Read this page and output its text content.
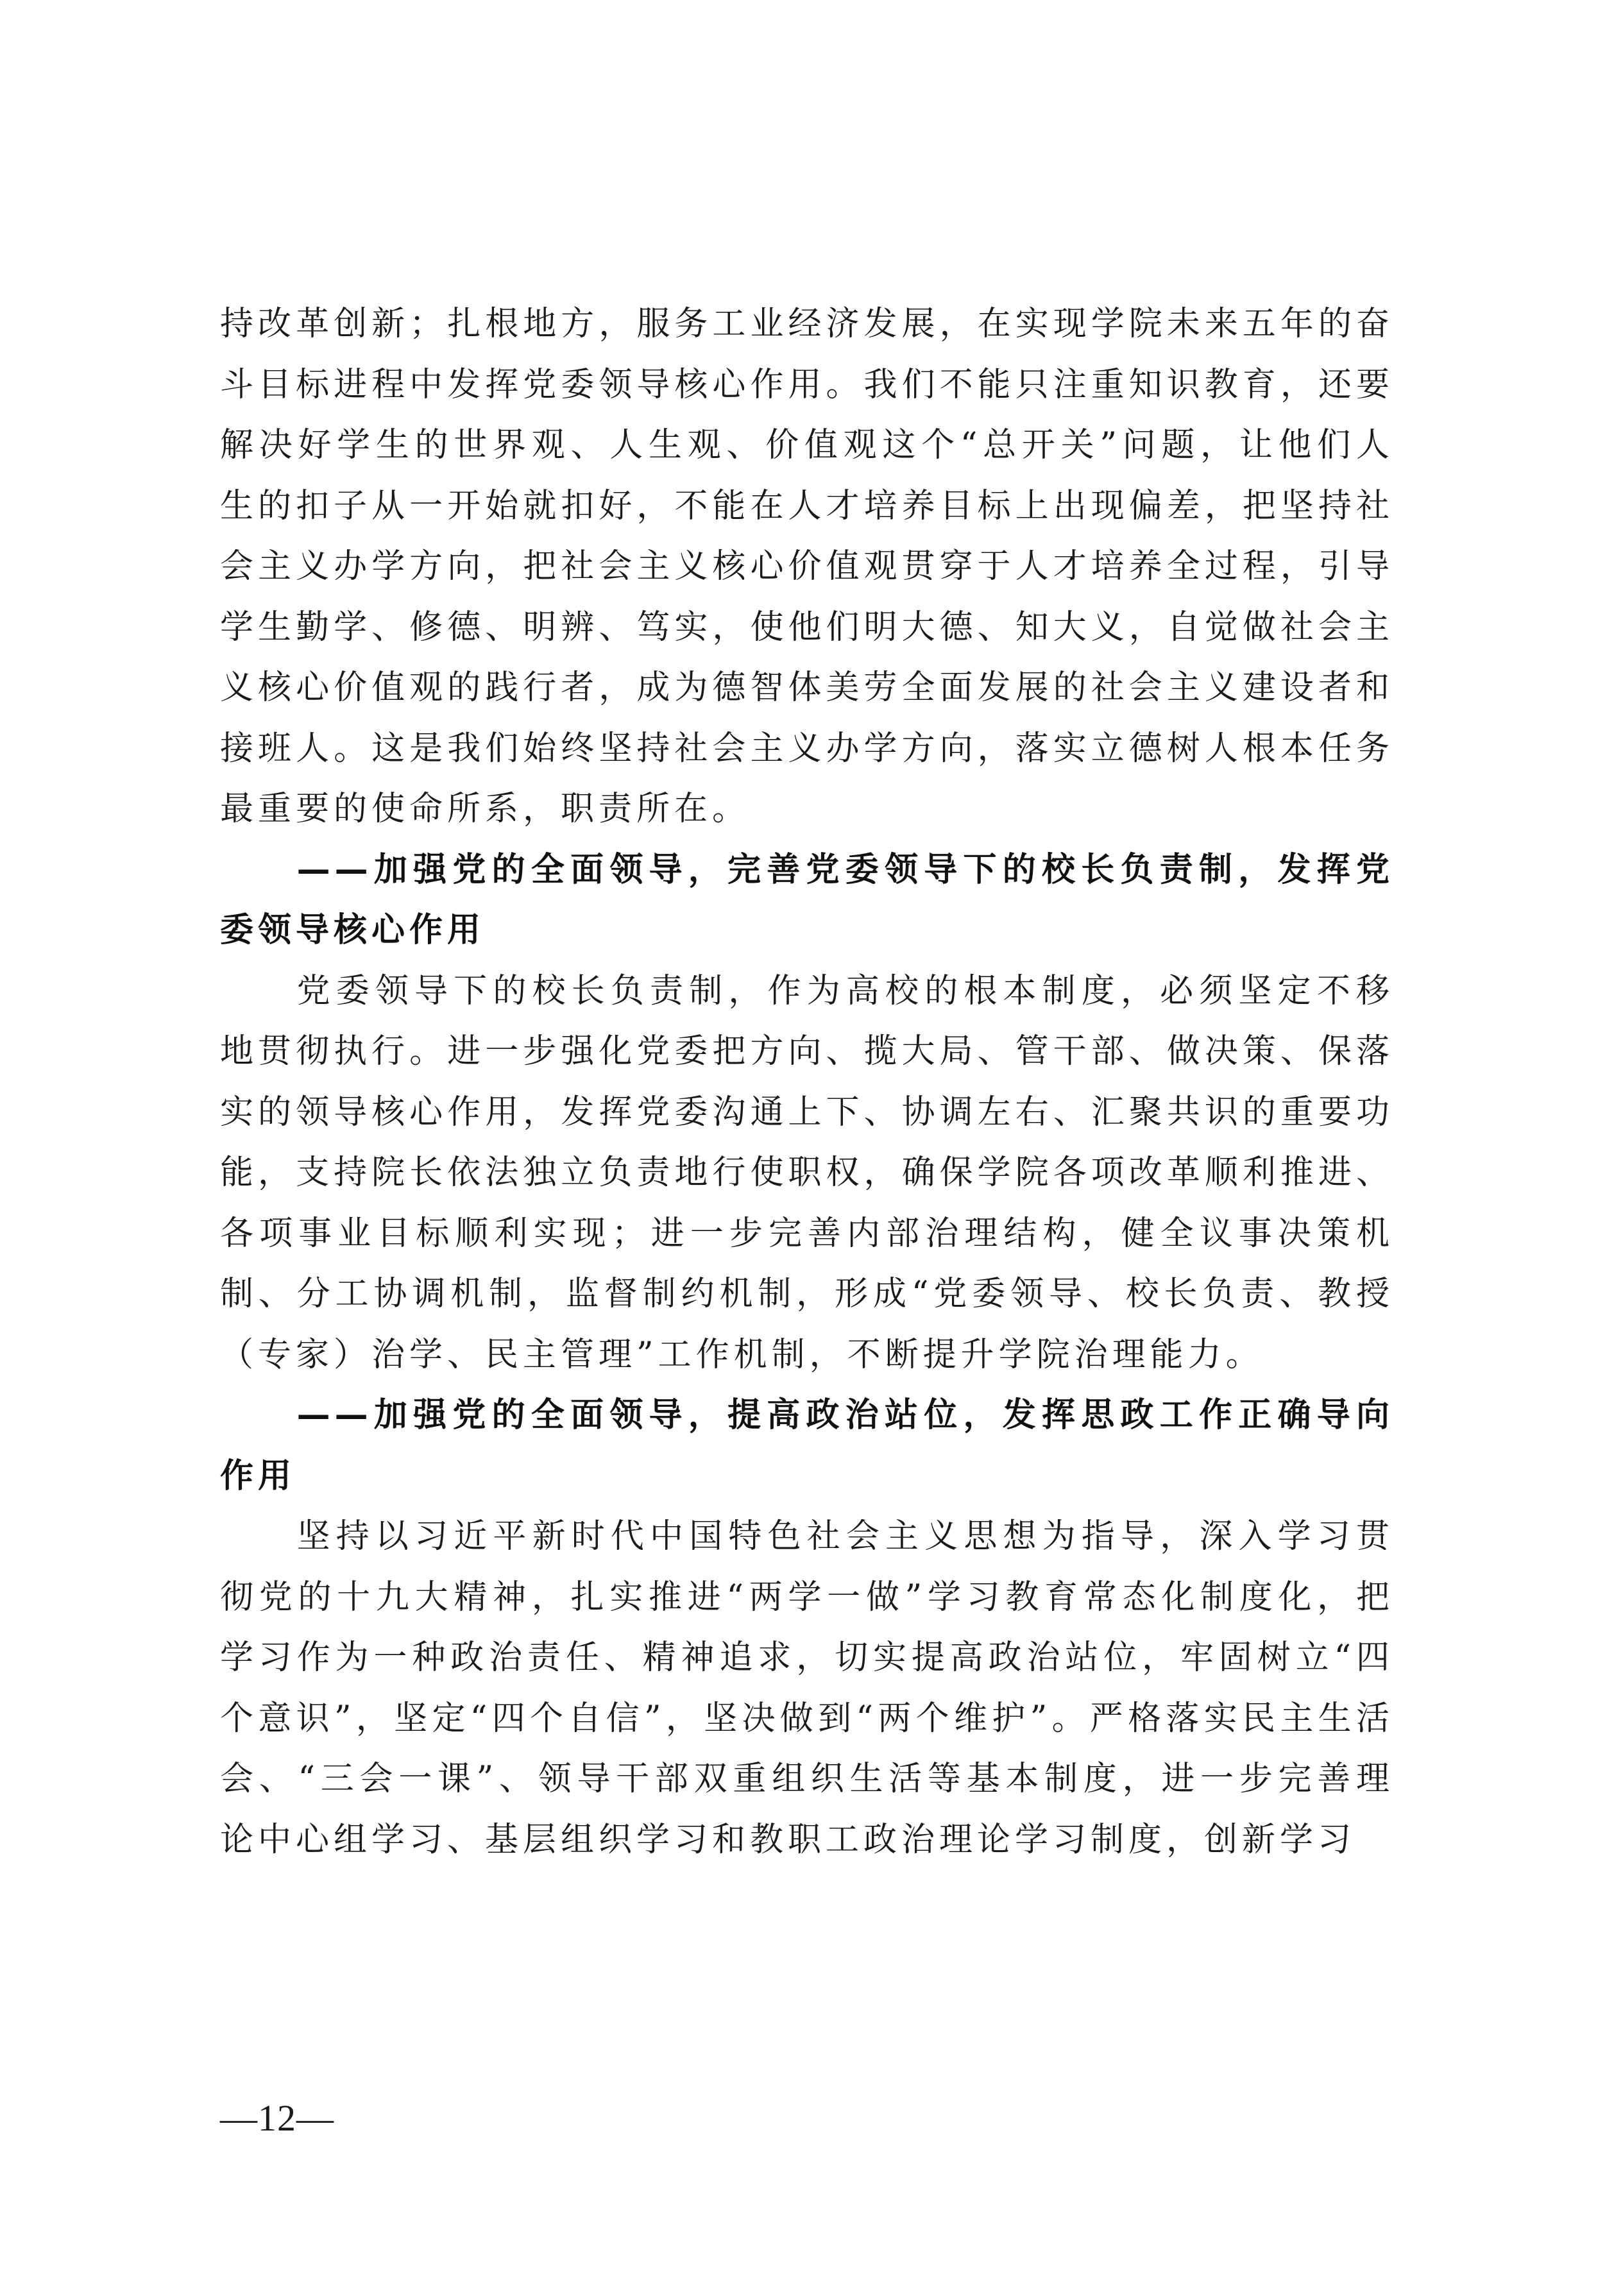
持改革创新；扎根地方，服务工业经济发展，在实现学院未来五年的奋斗目标进程中发挥党委领导核心作用。我们不能只注重知识教育，还要解决好学生的世界观、人生观、价值观这个“总开关”问题，让他们人生的扣子从一开始就扣好，不能在人才培养目标上出现偏差，把坚持社会主义办学方向，把社会主义核心价值观贯穿于人才培养全过程，引导学生勤学、修德、明辨、笃实，使他们明大德、知大义，自觉做社会主义核心价值观的践行者，成为德智体美劳全面发展的社会主义建设者和接班人。这是我们始终坚持社会主义办学方向，落实立德树人根本任务最重要的使命所系，职责所在。

——加强党的全面领导，完善党委领导下的校长负责制，发挥党委领导核心作用

党委领导下的校长负责制，作为高校的根本制度，必须坚定不移地贯彻执行。进一步强化党委把方向、揽大局、管干部、做决策、保落实的领导核心作用，发挥党委沟通上下、协调左右、汇聚共识的重要功能，支持院长依法独立负责地行使职权，确保学院各项改革顺利推进、各项事业目标顺利实现；进一步完善内部治理结构，健全议事决策机制、分工协调机制，监督制约机制，形成“党委领导、校长负责、教授（专家）治学、民主管理”工作机制，不断提升学院治理能力。

——加强党的全面领导，提高政治站位，发挥思政工作正确导向作用

坚持以习近平新时代中国特色社会主义思想为指导，深入学习贯彻党的十九大精神，扎实推进“两学一做”学习教育常态化制度化，把学习作为一种政治责任、精神追求，切实提高政治站位，牢固树立“四个意识”，坚定“四个自信”，坚决做到“两个维护”。严格落实民主生活会、“三会一课”、领导干部双重组织生活等基本制度，进一步完善理论中心组学习、基层组织学习和教职工政治理论学习制度，创新学习

—12—
